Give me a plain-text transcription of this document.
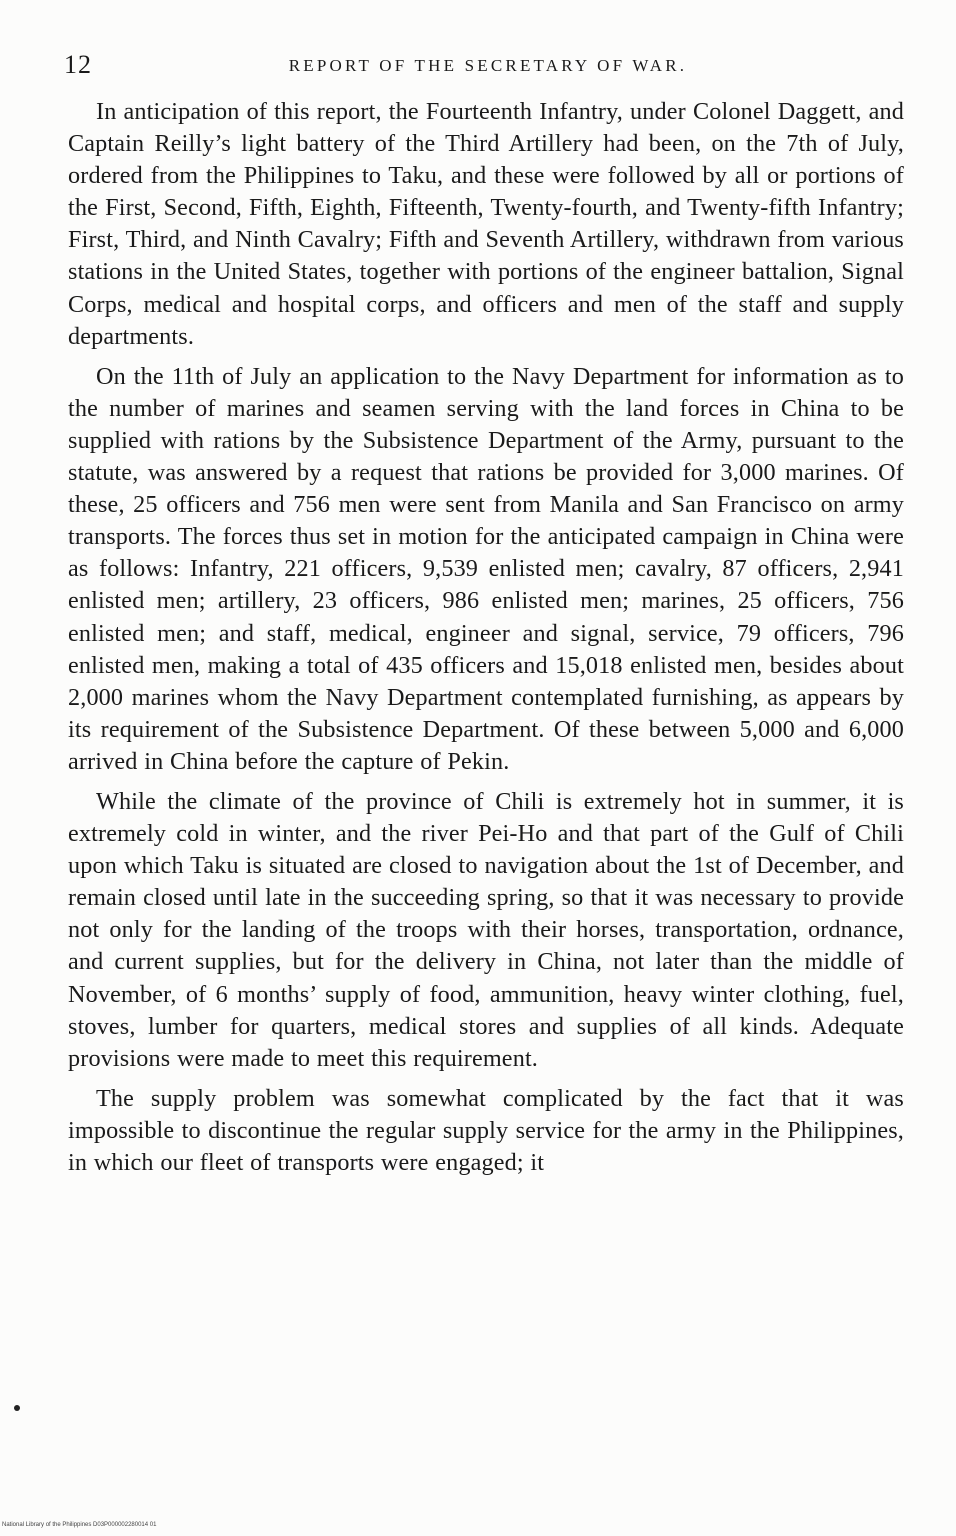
12	REPORT OF THE SECRETARY OF WAR.

In anticipation of this report, the Fourteenth Infantry, under Colonel Daggett, and Captain Reilly’s light battery of the Third Artillery had been, on the 7th of July, ordered from the Philippines to Taku, and these were followed by all or portions of the First, Second, Fifth, Eighth, Fifteenth, Twenty-fourth, and Twenty-fifth Infantry; First, Third, and Ninth Cavalry; Fifth and Seventh Artillery, withdrawn from various stations in the United States, together with portions of the engineer battalion, Signal Corps, medical and hospital corps, and officers and men of the staff and supply departments.

On the 11th of July an application to the Navy Department for information as to the number of marines and seamen serving with the land forces in China to be supplied with rations by the Subsistence Department of the Army, pursuant to the statute, was answered by a request that rations be provided for 3,000 marines. Of these, 25 officers and 756 men were sent from Manila and San Francisco on army transports. The forces thus set in motion for the anticipated campaign in China were as follows: Infantry, 221 officers, 9,539 enlisted men; cavalry, 87 officers, 2,941 enlisted men; artillery, 23 officers, 986 enlisted men; marines, 25 officers, 756 enlisted men; and staff, medical, engineer and signal, service, 79 officers, 796 enlisted men, making a total of 435 officers and 15,018 enlisted men, besides about 2,000 marines whom the Navy Department contemplated furnishing, as appears by its requirement of the Subsistence Department. Of these between 5,000 and 6,000 arrived in China before the capture of Pekin.

While the climate of the province of Chili is extremely hot in summer, it is extremely cold in winter, and the river Pei-Ho and that part of the Gulf of Chili upon which Taku is situated are closed to navigation about the 1st of December, and remain closed until late in the succeeding spring, so that it was necessary to provide not only for the landing of the troops with their horses, transportation, ordnance, and current supplies, but for the delivery in China, not later than the middle of November, of 6 months’ supply of food, ammunition, heavy winter clothing, fuel, stoves, lumber for quarters, medical stores and supplies of all kinds. Adequate provisions were made to meet this requirement.

The supply problem was somewhat complicated by the fact that it was impossible to discontinue the regular supply service for the army in the Philippines, in which our fleet of transports were engaged; it

National Library of the Philippines D03P000002280014 01
